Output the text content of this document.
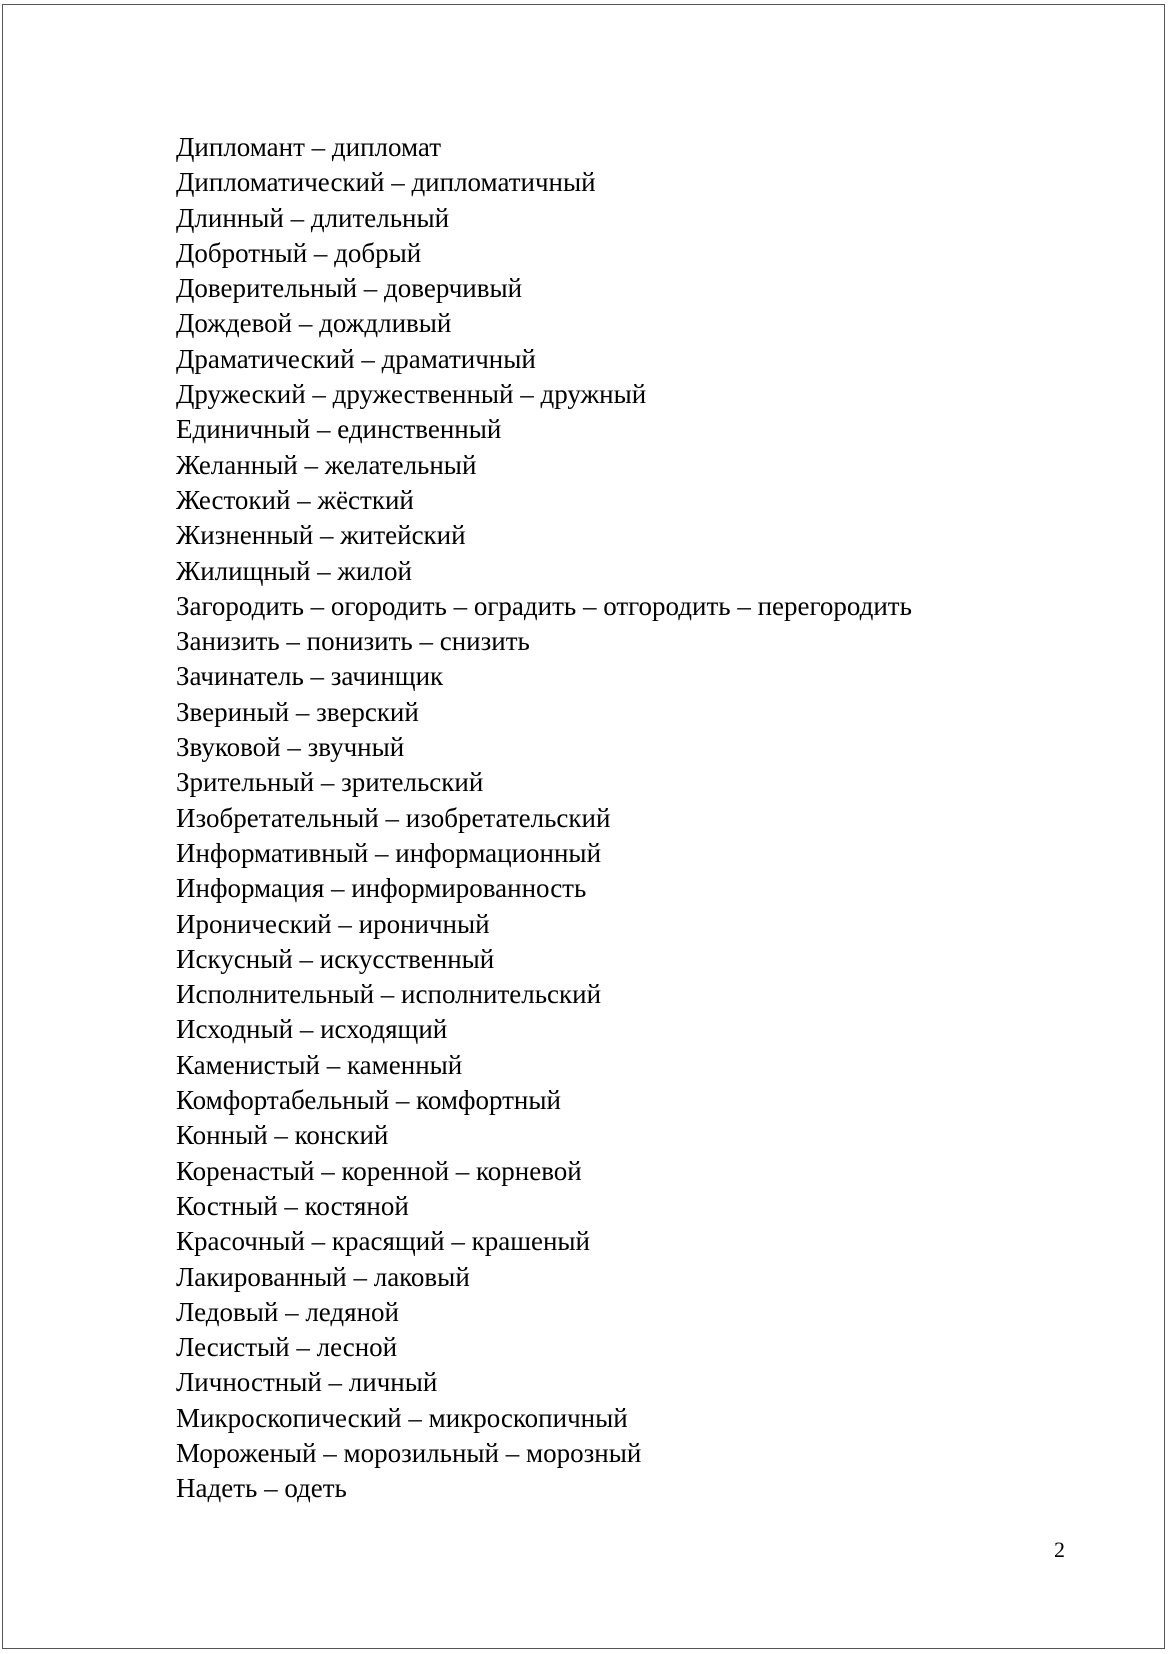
Дипломант – дипломат
Дипломатический – дипломатичный
Длинный – длительный
Добротный – добрый
Доверительный – доверчивый
Дождевой – дождливый
Драматический – драматичный
Дружеский – дружественный – дружный
Единичный – единственный
Желанный – желательный
Жестокий – жёсткий
Жизненный – житейский
Жилищный – жилой
Загородить – огородить – оградить – отгородить – перегородить
Занизить – понизить – снизить
Зачинатель – зачинщик
Звериный – зверский
Звуковой – звучный
Зрительный – зрительский
Изобретательный – изобретательский
Информативный – информационный
Информация – информированность
Иронический – ироничный
Искусный – искусственный
Исполнительный – исполнительский
Исходный – исходящий
Каменистый – каменный
Комфортабельный – комфортный
Конный – конский
Коренастый – коренной – корневой
Костный – костяной
Красочный – красящий – крашеный
Лакированный – лаковый
Ледовый – ледяной
Лесистый – лесной
Личностный – личный
Микроскопический – микроскопичный
Мороженый – морозильный – морозный
Надеть – одеть
2
